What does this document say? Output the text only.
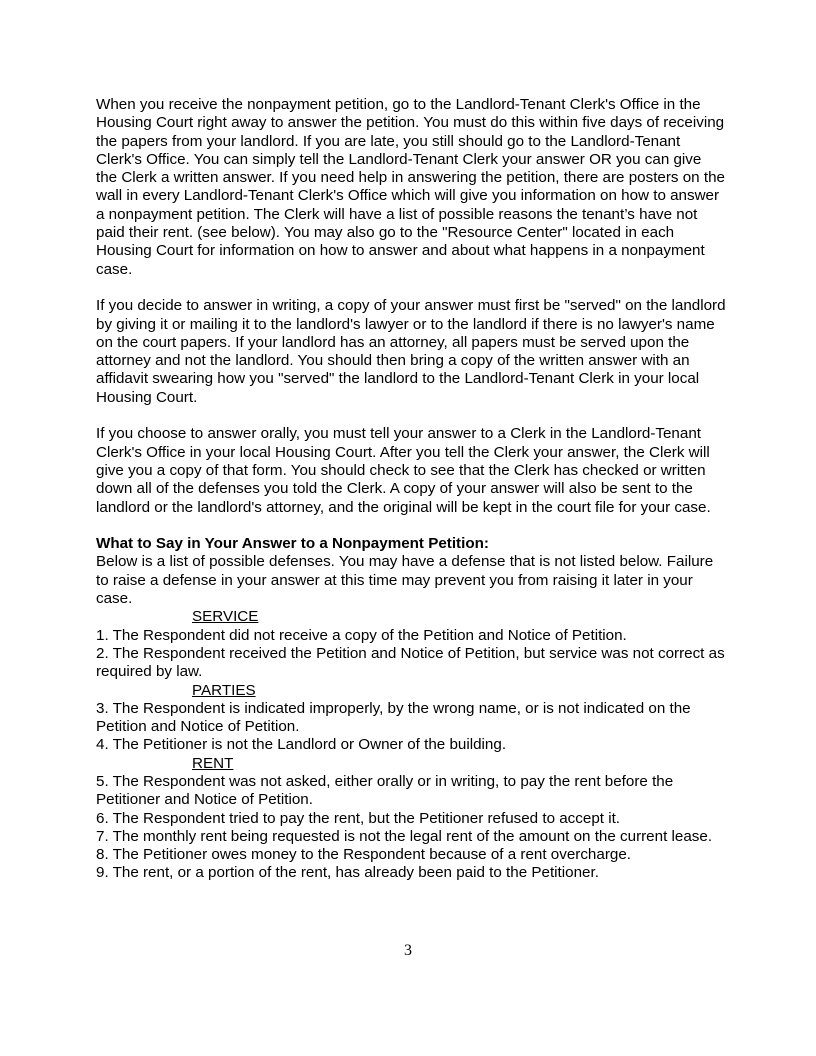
When you receive the nonpayment petition, go to the Landlord-Tenant Clerk's Office in the Housing Court right away to answer the petition. You must do this within five days of receiving the papers from your landlord. If you are late, you still should go to the Landlord-Tenant Clerk's Office. You can simply tell the Landlord-Tenant Clerk your answer OR you can give the Clerk a written answer. If you need help in answering the petition, there are posters on the wall in every Landlord-Tenant Clerk's Office which will give you information on how to answer a nonpayment petition. The Clerk will have a list of possible reasons the tenant’s have not paid their rent. (see below). You may also go to the "Resource Center" located in each Housing Court for information on how to answer and about what happens in a nonpayment case.

If you decide to answer in writing, a copy of your answer must first be "served" on the landlord by giving it or mailing it to the landlord's lawyer or to the landlord if there is no lawyer's name on the court papers. If your landlord has an attorney, all papers must be served upon the attorney and not the landlord. You should then bring a copy of the written answer with an affidavit swearing how you "served" the landlord to the Landlord-Tenant Clerk in your local Housing Court.

If you choose to answer orally, you must tell your answer to a Clerk in the Landlord-Tenant Clerk's Office in your local Housing Court. After you tell the Clerk your answer, the Clerk will give you a copy of that form. You should check to see that the Clerk has checked or written down all of the defenses you told the Clerk. A copy of your answer will also be sent to the landlord or the landlord's attorney, and the original will be kept in the court file for your case.

What to Say in Your Answer to a Nonpayment Petition:

Below is a list of possible defenses. You may have a defense that is not listed below. Failure to raise a defense in your answer at this time may prevent you from raising it later in your case.

SERVICE

1. The Respondent did not receive a copy of the Petition and Notice of Petition.

2. The Respondent received the Petition and Notice of Petition, but service was not correct as required by law.

PARTIES

3. The Respondent is indicated improperly, by the wrong name, or is not indicated on the Petition and Notice of Petition.

4. The Petitioner is not the Landlord or Owner of the building.

RENT

5. The Respondent was not asked, either orally or in writing, to pay the rent before the Petitioner and Notice of Petition.

6. The Respondent tried to pay the rent, but the Petitioner refused to accept it.

7. The monthly rent being requested is not the legal rent of the amount on the current lease.

8. The Petitioner owes money to the Respondent because of a rent overcharge.

9. The rent, or a portion of the rent, has already been paid to the Petitioner.

3
